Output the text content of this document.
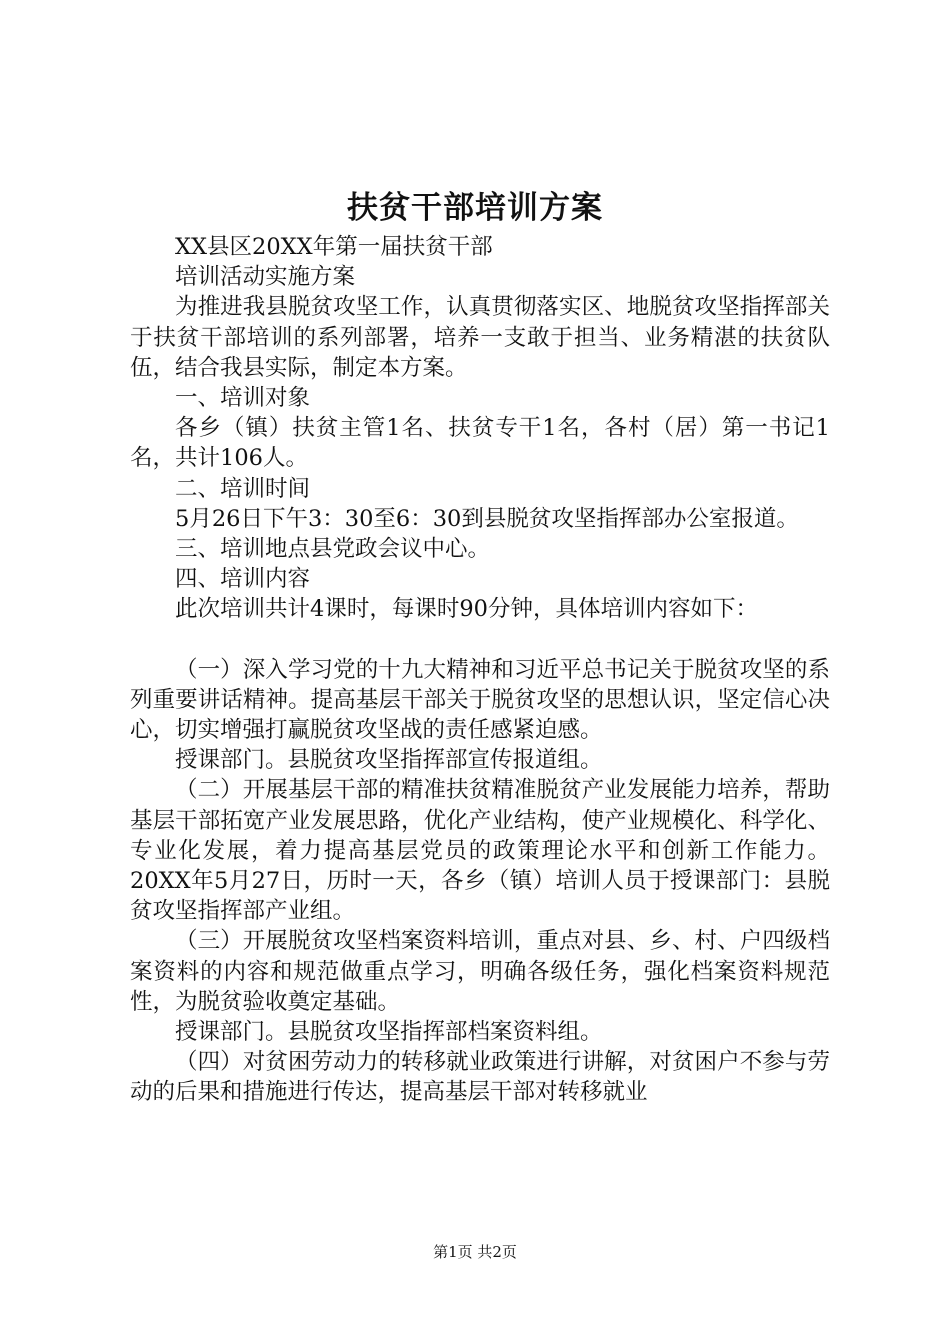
扶贫干部培训方案

XX县区20XX年第一届扶贫干部

培训活动实施方案

为推进我县脱贫攻坚工作，认真贯彻落实区、地脱贫攻坚指挥部关于扶贫干部培训的系列部署，培养一支敢于担当、业务精湛的扶贫队伍，结合我县实际，制定本方案。

一、培训对象

各乡（镇）扶贫主管1名、扶贫专干1名，各村（居）第一书记1名，共计106人。

二、培训时间

5月26日下午3：30至6：30到县脱贫攻坚指挥部办公室报道。

三、培训地点县党政会议中心。

四、培训内容

此次培训共计4课时，每课时90分钟，具体培训内容如下：

（一）深入学习党的十九大精神和习近平总书记关于脱贫攻坚的系列重要讲话精神。提高基层干部关于脱贫攻坚的思想认识，坚定信心决心，切实增强打赢脱贫攻坚战的责任感紧迫感。

授课部门。县脱贫攻坚指挥部宣传报道组。

（二）开展基层干部的精准扶贫精准脱贫产业发展能力培养，帮助基层干部拓宽产业发展思路，优化产业结构，使产业规模化、科学化、专业化发展，着力提高基层党员的政策理论水平和创新工作能力。20XX年5月27日，历时一天，各乡（镇）培训人员于授课部门：县脱贫攻坚指挥部产业组。

（三）开展脱贫攻坚档案资料培训，重点对县、乡、村、户四级档案资料的内容和规范做重点学习，明确各级任务，强化档案资料规范性，为脱贫验收奠定基础。

授课部门。县脱贫攻坚指挥部档案资料组。

（四）对贫困劳动力的转移就业政策进行讲解，对贫困户不参与劳动的后果和措施进行传达，提高基层干部对转移就业

第1页 共2页
